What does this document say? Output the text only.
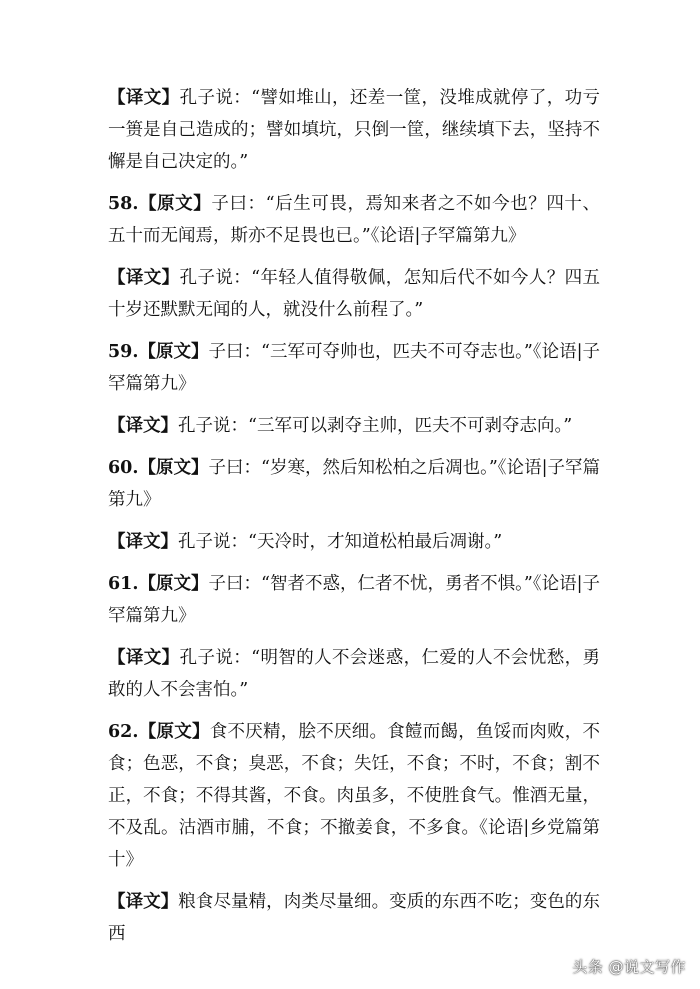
【译文】孔子说：“譬如堆山，还差一筐，没堆成就停了，功亏一篑是自己造成的；譬如填坑，只倒一筐，继续填下去，坚持不懈是自己决定的。”

58.【原文】子曰：“后生可畏，焉知来者之不如今也？四十、五十而无闻焉，斯亦不足畏也已。”《论语|子罕篇第九》

【译文】孔子说：“年轻人值得敬佩，怎知后代不如今人？四五十岁还默默无闻的人，就没什么前程了。”

59.【原文】子曰：“三军可夺帅也，匹夫不可夺志也。”《论语|子罕篇第九》

【译文】孔子说：“三军可以剥夺主帅，匹夫不可剥夺志向。”

60.【原文】子曰：“岁寒，然后知松柏之后凋也。”《论语|子罕篇第九》

【译文】孔子说：“天冷时，才知道松柏最后凋谢。”

61.【原文】子曰：“智者不惑，仁者不忧，勇者不惧。”《论语|子罕篇第九》

【译文】孔子说：“明智的人不会迷惑，仁爱的人不会忧愁，勇敢的人不会害怕。”

62.【原文】食不厌精，脍不厌细。食饐而餲，鱼馁而肉败，不食；色恶，不食；臭恶，不食；失饪，不食；不时，不食；割不正，不食；不得其酱，不食。肉虽多，不使胜食气。惟酒无量，不及乱。沽酒市脯，不食；不撤姜食，不多食。《论语|乡党篇第十》

【译文】粮食尽量精，肉类尽量细。变质的东西不吃；变色的东西

头条 @说文写作
